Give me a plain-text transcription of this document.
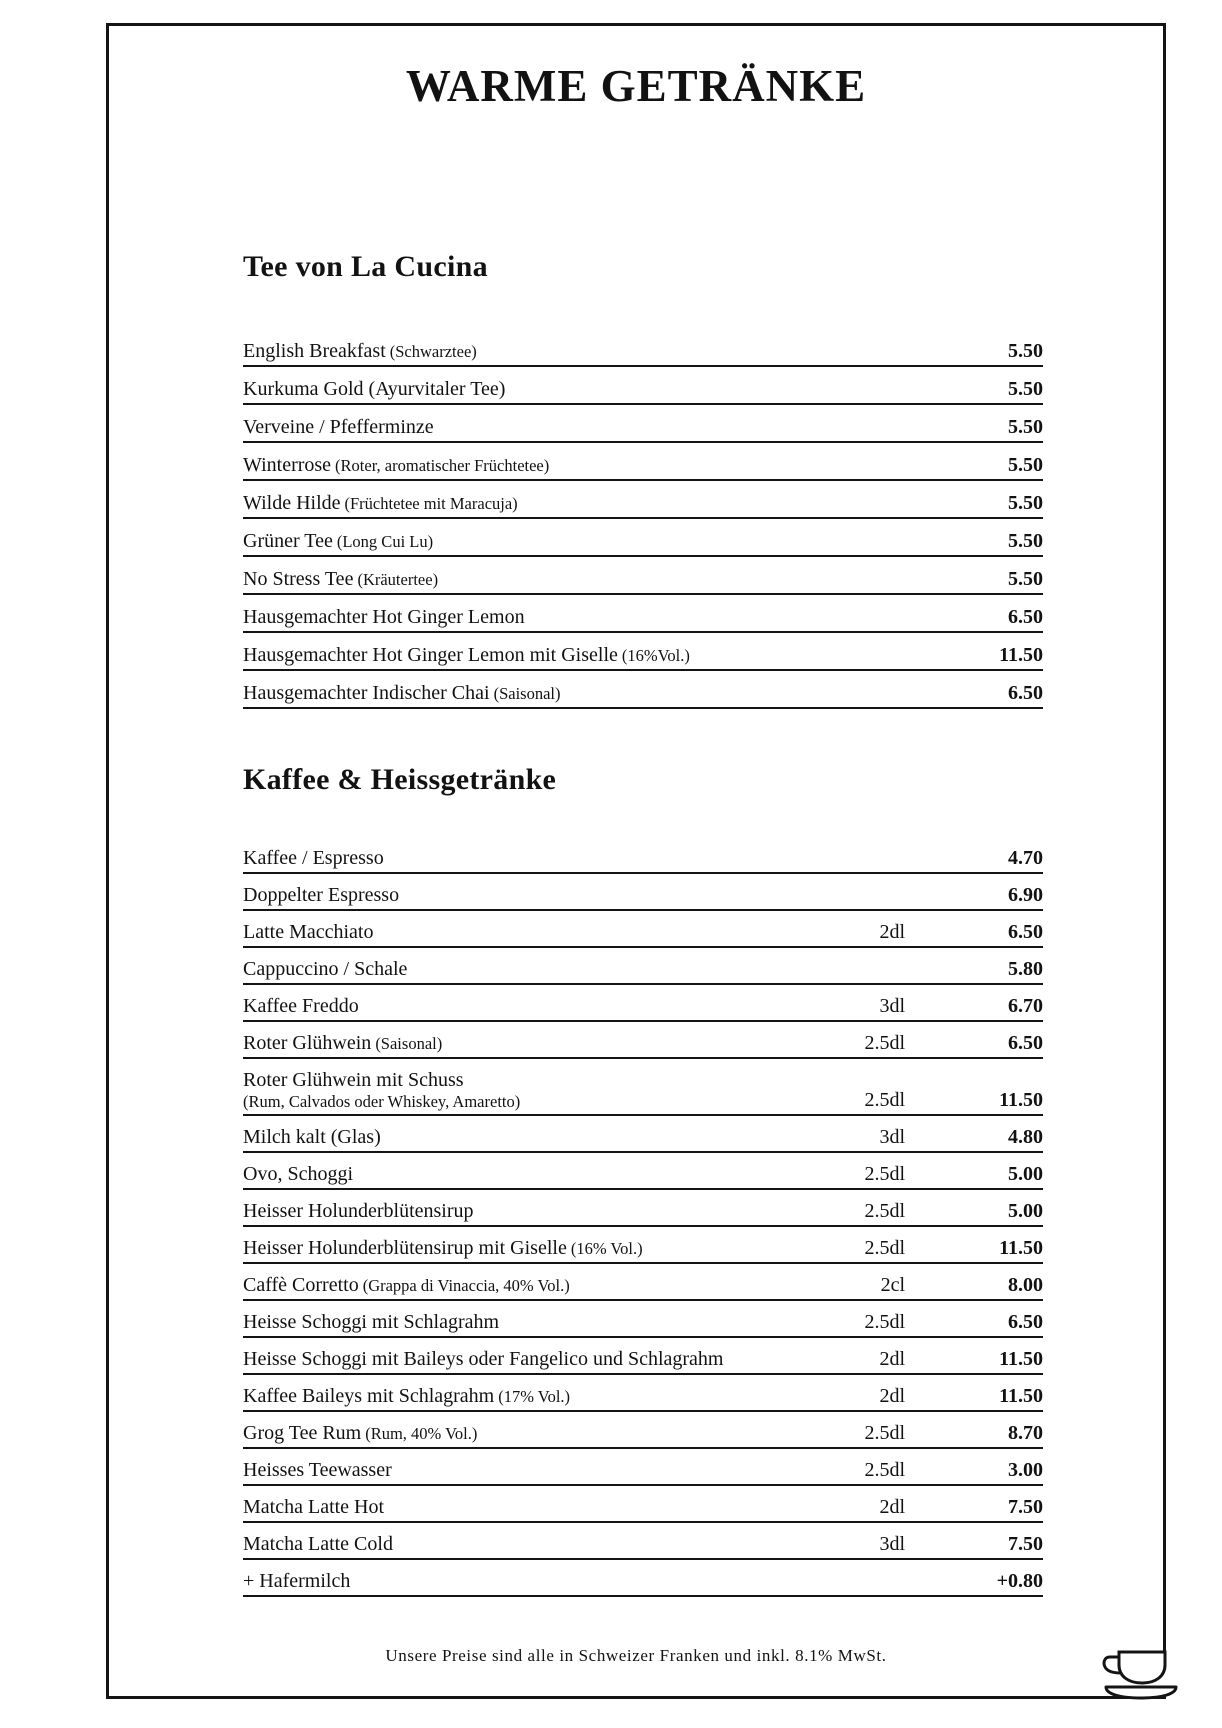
WARME GETRÄNKE
Tee von La Cucina
English Breakfast (Schwarztee)	5.50
Kurkuma Gold (Ayurvitaler Tee)	5.50
Verveine / Pfefferminze	5.50
Winterrose (Roter, aromatischer Früchtetee)	5.50
Wilde Hilde (Früchtetee mit Maracuja)	5.50
Grüner Tee (Long Cui Lu)	5.50
No Stress Tee (Kräutertee)	5.50
Hausgemachter Hot Ginger Lemon	6.50
Hausgemachter Hot Ginger Lemon mit Giselle (16%Vol.)	11.50
Hausgemachter Indischer Chai (Saisonal)	6.50
Kaffee & Heissgetränke
Kaffee / Espresso	4.70
Doppelter Espresso	6.90
Latte Macchiato	2dl	6.50
Cappuccino / Schale	5.80
Kaffee Freddo	3dl	6.70
Roter Glühwein (Saisonal)	2.5dl	6.50
Roter Glühwein mit Schuss
(Rum, Calvados oder Whiskey, Amaretto)	2.5dl	11.50
Milch kalt (Glas)	3dl	4.80
Ovo, Schoggi	2.5dl	5.00
Heisser Holunderblütensirup	2.5dl	5.00
Heisser Holunderblütensirup mit Giselle (16% Vol.)	2.5dl	11.50
Caffè Corretto (Grappa di Vinaccia, 40% Vol.)	2cl	8.00
Heisse Schoggi mit Schlagrahm	2.5dl	6.50
Heisse Schoggi mit Baileys oder Fangelico und Schlagrahm	2dl	11.50
Kaffee Baileys mit Schlagrahm (17% Vol.)	2dl	11.50
Grog Tee Rum (Rum, 40% Vol.)	2.5dl	8.70
Heisses Teewasser	2.5dl	3.00
Matcha Latte Hot	2dl	7.50
Matcha Latte Cold	3dl	7.50
+ Hafermilch	+0.80
Unsere Preise sind alle in Schweizer Franken und inkl. 8.1% MwSt.
